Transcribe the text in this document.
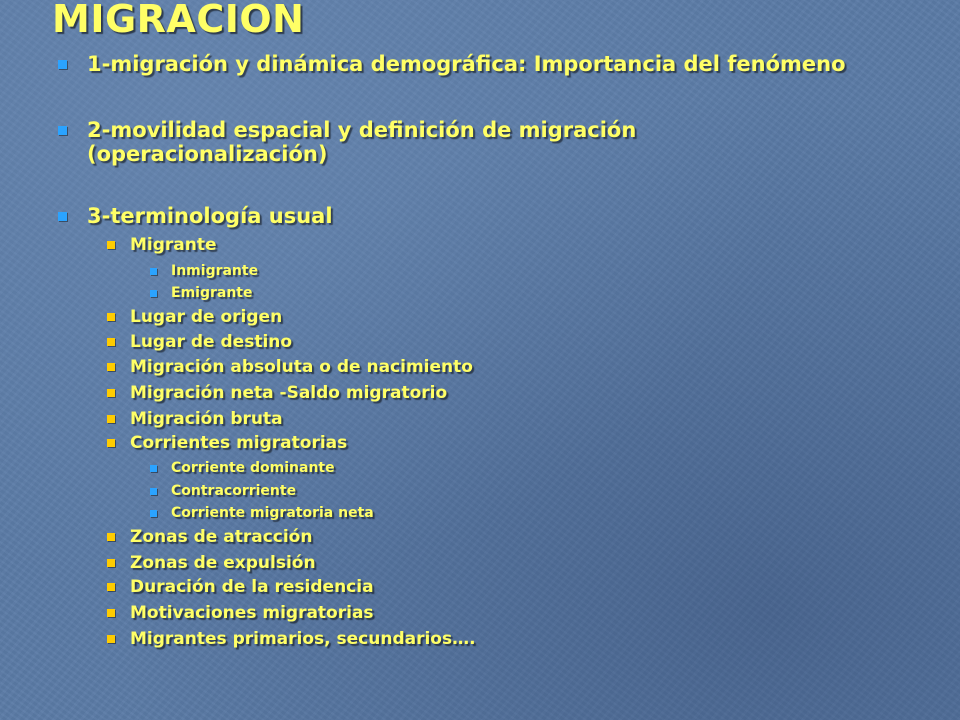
MIGRACION
1-migración y dinámica demográfica: Importancia del fenómeno
2-movilidad espacial y definición de migración
(operacionalización)
3-terminología usual
Migrante
Inmigrante
Emigrante
Lugar de origen
Lugar de destino
Migración absoluta o de nacimiento
Migración neta -Saldo migratorio
Migración bruta
Corrientes migratorias
Corriente dominante
Contracorriente
Corriente migratoria neta
Zonas de atracción
Zonas de expulsión
Duración de la residencia
Motivaciones migratorias
Migrantes primarios, secundarios….
